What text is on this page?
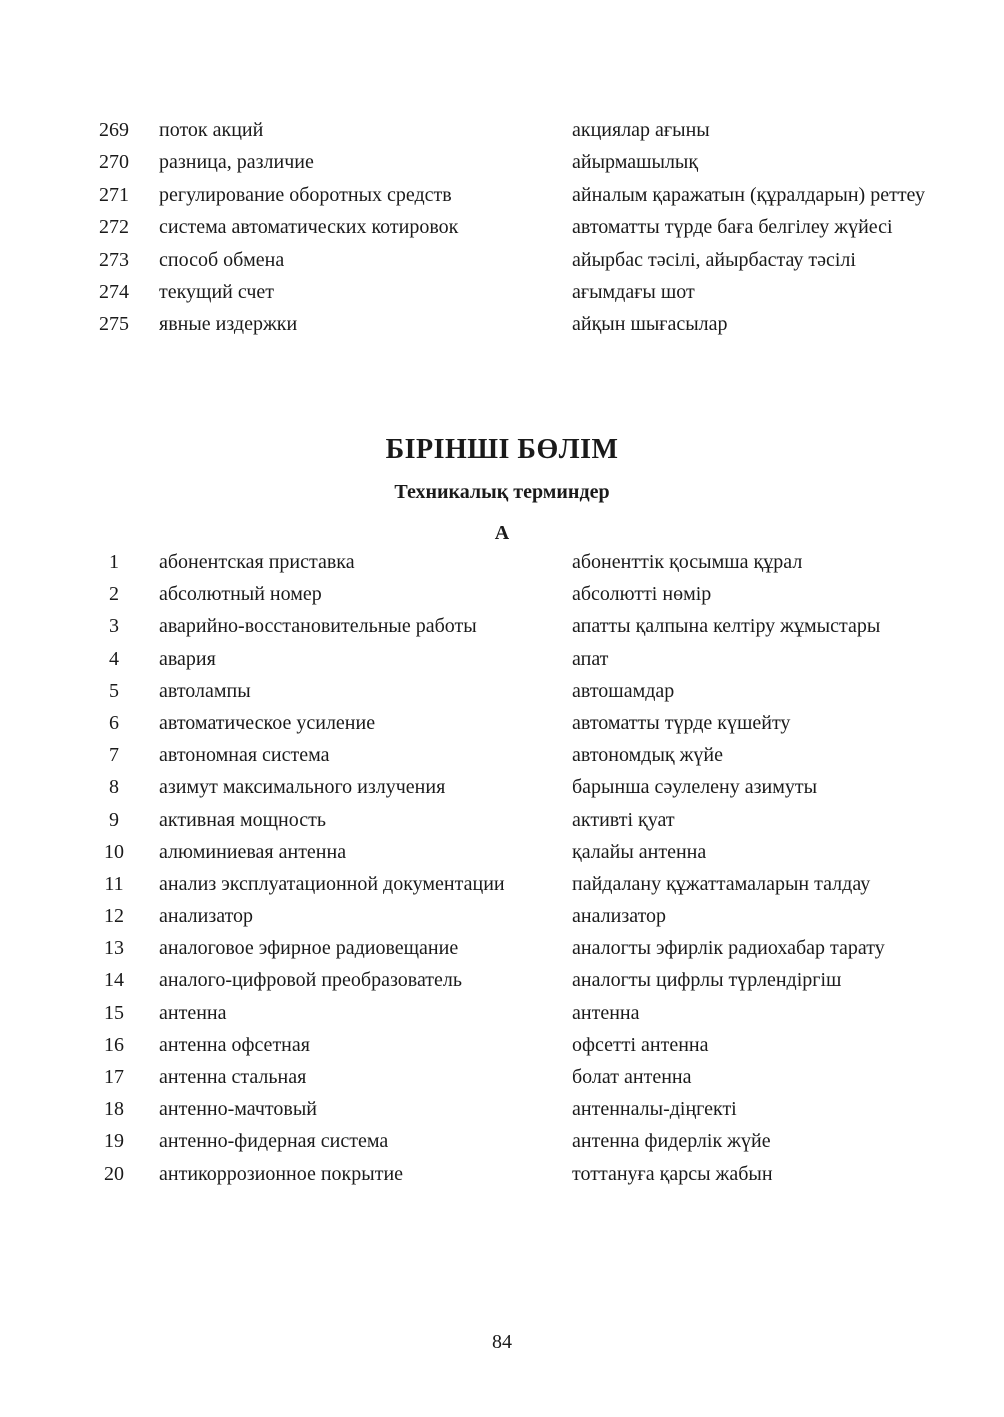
269	поток акций	акциялар ағыны
270	разница, различие	айырмашылық
271	регулирование оборотных средств	айналым қаражатын (құралдарын) реттеу
272	система автоматических котировок	автоматты түрде баға белгілеу жүйесі
273	способ обмена	айырбас тәсілі, айырбастау тәсілі
274	текущий счет	ағымдағы шот
275	явные издержки	айқын шығасылар
БІРІНШІ БӨЛІМ
Техникалық терминдер
А
1	абонентская приставка	абоненттік қосымша құрал
2	абсолютный номер	абсолютті нөмір
3	аварийно-восстановительные работы	апатты қалпына келтіру жұмыстары
4	авария	апат
5	автолампы	автошамдар
6	автоматическое усиление	автоматты түрде күшейту
7	автономная система	автономдық жүйе
8	азимут максимального излучения	барынша сәулелену азимуты
9	активная мощность	активті қуат
10	алюминиевая антенна	қалайы антенна
11	анализ эксплуатационной документации	пайдалану құжаттамаларын талдау
12	анализатор	анализатор
13	аналоговое эфирное радиовещание	аналогты эфирлік радиохабар тарату
14	аналого-цифровой преобразователь	аналогты цифрлы түрлендіргіш
15	антенна	антенна
16	антенна офсетная	офсетті антенна
17	антенна стальная	болат антенна
18	антенно-мачтовый	антенналы-діңгекті
19	антенно-фидерная система	антенна фидерлік жүйе
20	антикоррозионное покрытие	тоттануға қарсы жабын
84
